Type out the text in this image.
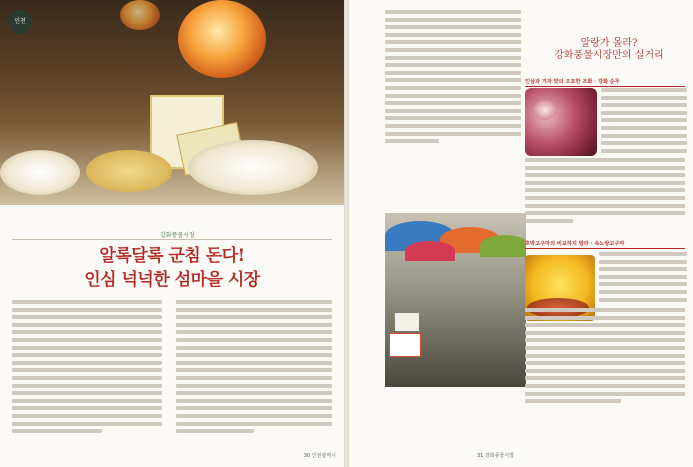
인천
강화풍물시장
알록달록 군침 돈다!
인심 넉넉한 섬마을 시장
30 인천광역시
알랑가 몰라?
강화풍물시장만의 실거리
인삼과 겨자 맛의 오묘한 조화 · 강화 순무
호박고구마의 비교하지 말라 · 속노랑고구마
31 강화풍물시장
